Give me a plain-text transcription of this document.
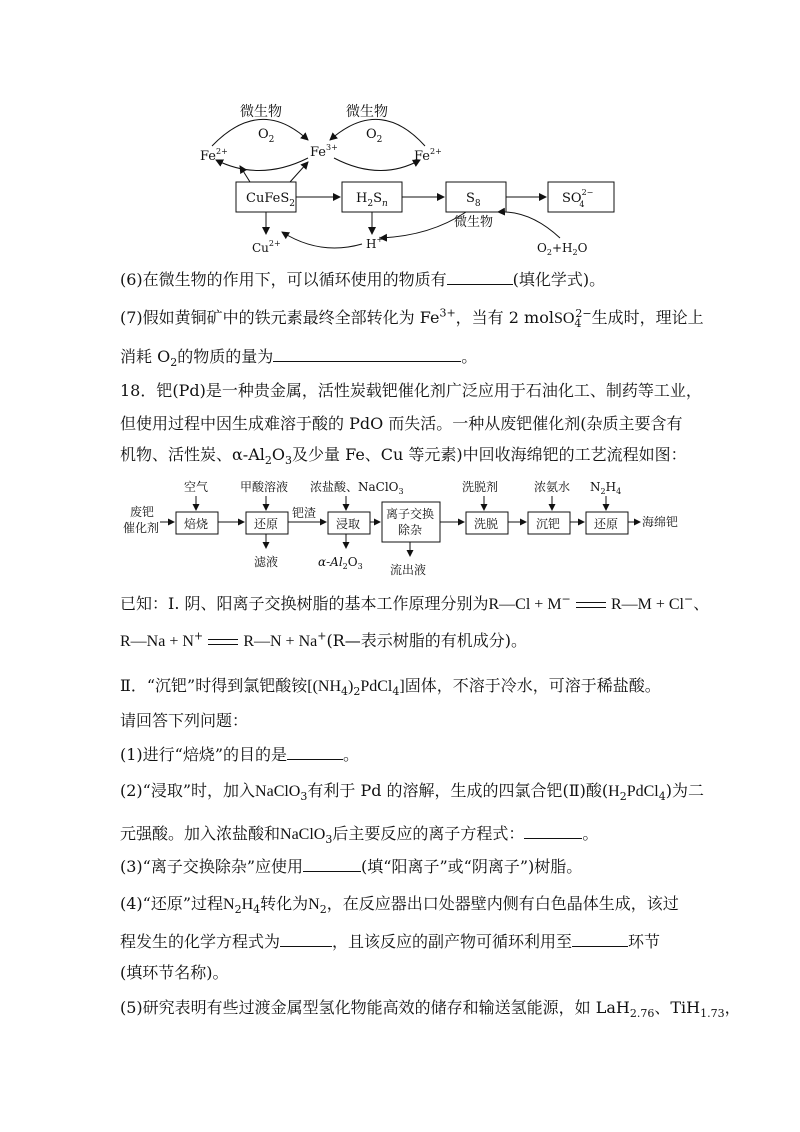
微生物	微生物
$O_2$	$O_2$
$Fe^{2+}$	$Fe^{3+}$
$Fe^{2+}$
CuFeS$_2$	$H_2S_n$	$S_8$	$SO^{2-}$ 4
$Cu^{2+}$	H+
微生物
$O_2+H_2O$
(6)在微生物的作用下，可以循环使用的物质有	(填化学式)。
(7)假如黄铜矿中的铁元素最终全部转化为 $Fe^{3+}$，当有 2 molSO$_4^{2-}$生成时，理论上
消耗 $O_2$的物质的量为	。
18．钯(Pd)是一种贵金属，活性炭载钯催化剂广泛应用于石油化工、制药等工业，
但使用过程中因生成难溶于酸的 PdO 而失活。一种从废钯催化剂(杂质主要含有
机物、活性炭、$\alpha-Al_2O_3$及少量 Fe、Cu 等元素)中回收海绵钯的工艺流程如图：
废钯
催化剂
空气
焙烧
甲酸溶液
还原
滤液
钯渣
浓盐酸、NaClO$_3$
浸取
$\alpha-Al_2O_3$
离子交换
除杂
流出液
洗脱剂
洗脱
浓氨水
沉钯
$N_2H_4$
还原 海绵钯
已知：Ⅰ. 阴、阳离子交换树脂的基本工作原理分别为R—Cl + M−	R—M + Cl−、
R—Na + N+	R—N + Na+(R—表示树脂的有机成分)。
Ⅱ．“沉钯”时得到氯钯酸铵$[(NH_4)_2PdCl_4]$固体，不溶于冷水，可溶于稀盐酸。
请回答下列问题：
(1)进行“焙烧”的目的是	。
(2)“浸取”时，加入NaClO$_3$有利于 Pd 的溶解，生成的四氯合钯(Ⅱ)酸$(H_2PdCl_4)$为二
元强酸。加入浓盐酸和NaClO$_3$后主要反应的离子方程式：	。
(3)“离子交换除杂”应使用	(填“阳离子”或“阴离子”)树脂。
(4)“还原”过程$N_2H_4$转化为$N_2$，在反应器出口处器壁内侧有白色晶体生成，该过
程发生的化学方程式为	，且该反应的副产物可循环利用至	环节
(填环节名称)。
(5)研究表明有些过渡金属型氢化物能高效的储存和输送氢能源，如 LaH$_{2.76}$、TiH$_{1.73}$，
